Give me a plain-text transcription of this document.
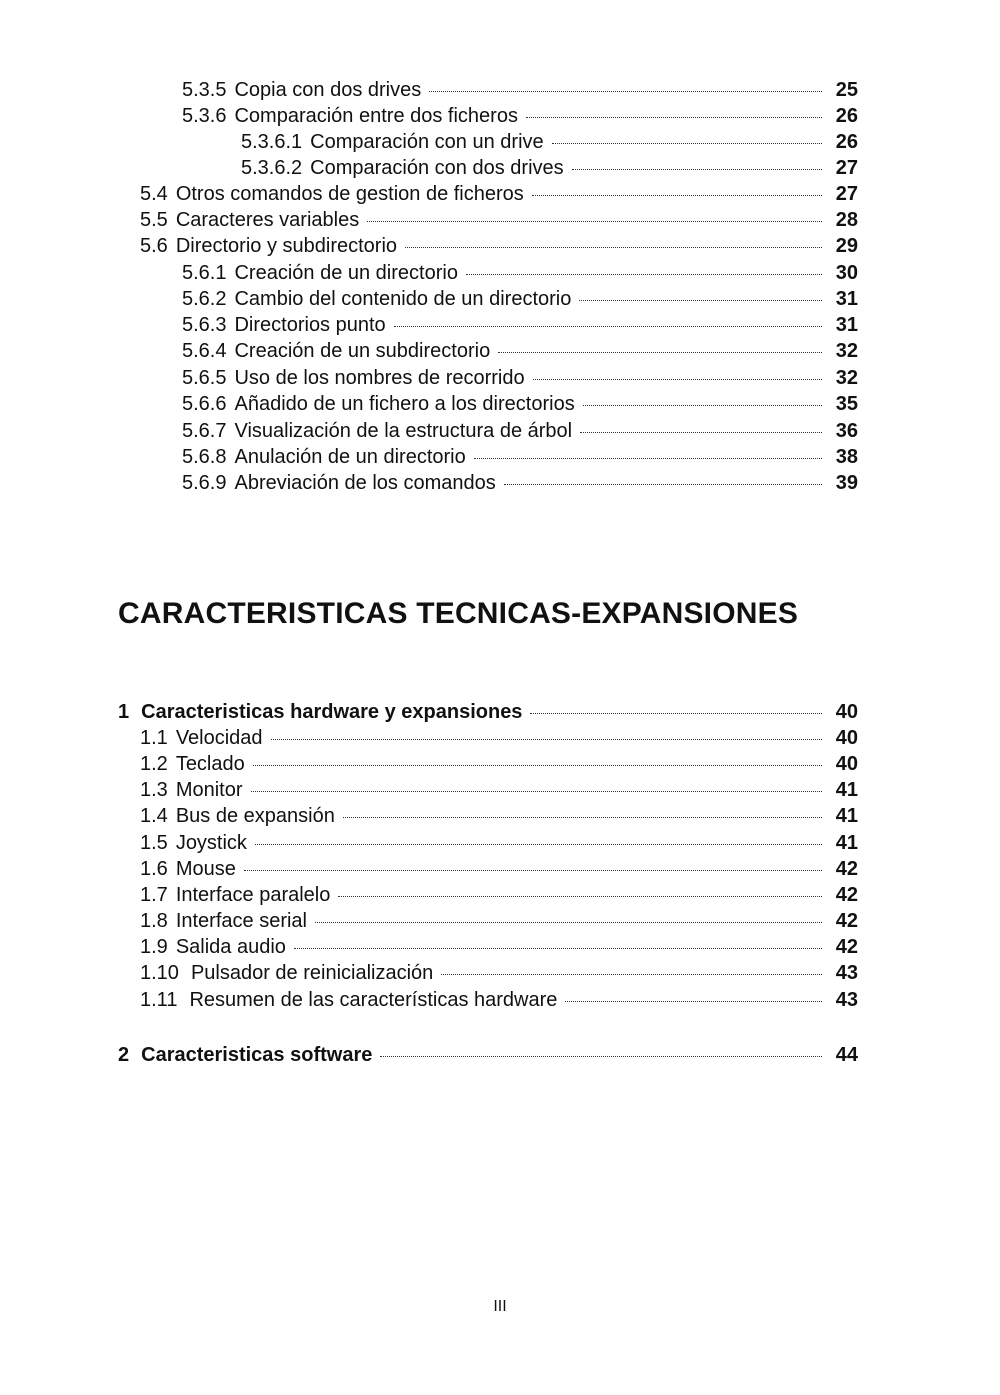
5.3.5 Copia con dos drives	25
5.3.6 Comparación entre dos ficheros	26
5.3.6.1 Comparación con un drive	26
5.3.6.2 Comparación con dos drives	27
5.4 Otros comandos de gestion de ficheros	27
5.5 Caracteres variables	28
5.6 Directorio y subdirectorio	29
5.6.1 Creación de un directorio	30
5.6.2 Cambio del contenido de un directorio	31
5.6.3 Directorios punto	31
5.6.4 Creación de un subdirectorio	32
5.6.5 Uso de los nombres de recorrido	32
5.6.6 Añadido de un fichero a los directorios	35
5.6.7 Visualización de la estructura de árbol	36
5.6.8 Anulación de un directorio	38
5.6.9 Abreviación de los comandos	39
CARACTERISTICAS TECNICAS-EXPANSIONES
1 Caracteristicas hardware y expansiones	40
1.1 Velocidad	40
1.2 Teclado	40
1.3 Monitor	41
1.4 Bus de expansión	41
1.5 Joystick	41
1.6 Mouse	42
1.7 Interface paralelo	42
1.8 Interface serial	42
1.9 Salida audio	42
1.10 Pulsador de reinicialización	43
1.11 Resumen de las características hardware	43
2 Caracteristicas software	44
III
